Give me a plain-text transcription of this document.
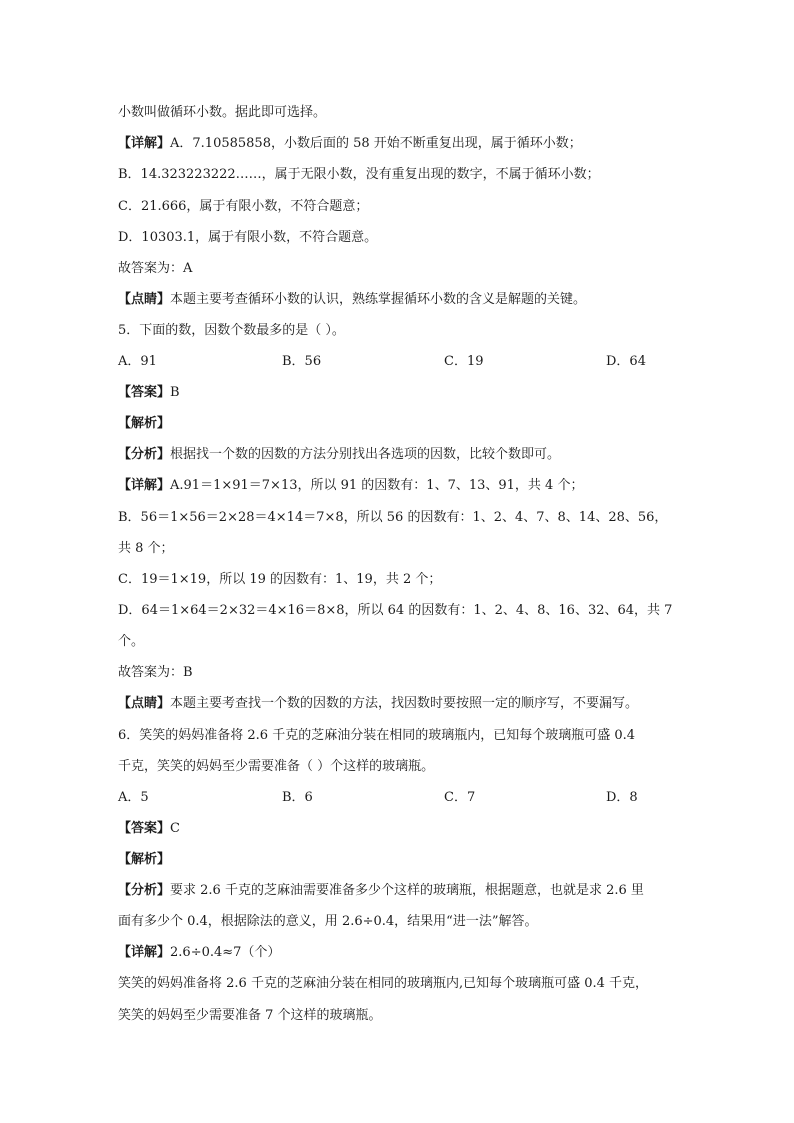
小数叫做循环小数。据此即可选择。
【详解】A．7.10585858，小数后面的 58 开始不断重复出现，属于循环小数；
B．14.323223222……，属于无限小数，没有重复出现的数字，不属于循环小数；
C．21.666，属于有限小数，不符合题意；
D．10303.1，属于有限小数，不符合题意。
故答案为：A
【点睛】本题主要考查循环小数的认识，熟练掌握循环小数的含义是解题的关键。
5．下面的数，因数个数最多的是（ ）。
A．91	B．56	C．19	D．64
【答案】B
【解析】
【分析】根据找一个数的因数的方法分别找出各选项的因数，比较个数即可。
【详解】A.91＝1×91＝7×13，所以 91 的因数有：1、7、13、91，共 4 个；
B．56＝1×56＝2×28＝4×14＝7×8，所以 56 的因数有：1、2、4、7、8、14、28、56，
共 8 个；
C．19＝1×19，所以 19 的因数有：1、19，共 2 个；
D．64＝1×64＝2×32＝4×16＝8×8，所以 64 的因数有：1、2、4、8、16、32、64，共 7
个。
故答案为：B
【点睛】本题主要考查找一个数的因数的方法，找因数时要按照一定的顺序写，不要漏写。
6．笑笑的妈妈准备将 2.6 千克的芝麻油分装在相同的玻璃瓶内，已知每个玻璃瓶可盛 0.4
千克，笑笑的妈妈至少需要准备（ ）个这样的玻璃瓶。
A．5	B．6	C．7	D．8
【答案】C
【解析】
【分析】要求 2.6 千克的芝麻油需要准备多少个这样的玻璃瓶，根据题意，也就是求 2.6 里
面有多少个 0.4，根据除法的意义，用 2.6÷0.4，结果用“进一法”解答。
【详解】2.6÷0.4≈7（个）
笑笑的妈妈准备将 2.6 千克的芝麻油分装在相同的玻璃瓶内,已知每个玻璃瓶可盛 0.4 千克，
笑笑的妈妈至少需要准备 7 个这样的玻璃瓶。
